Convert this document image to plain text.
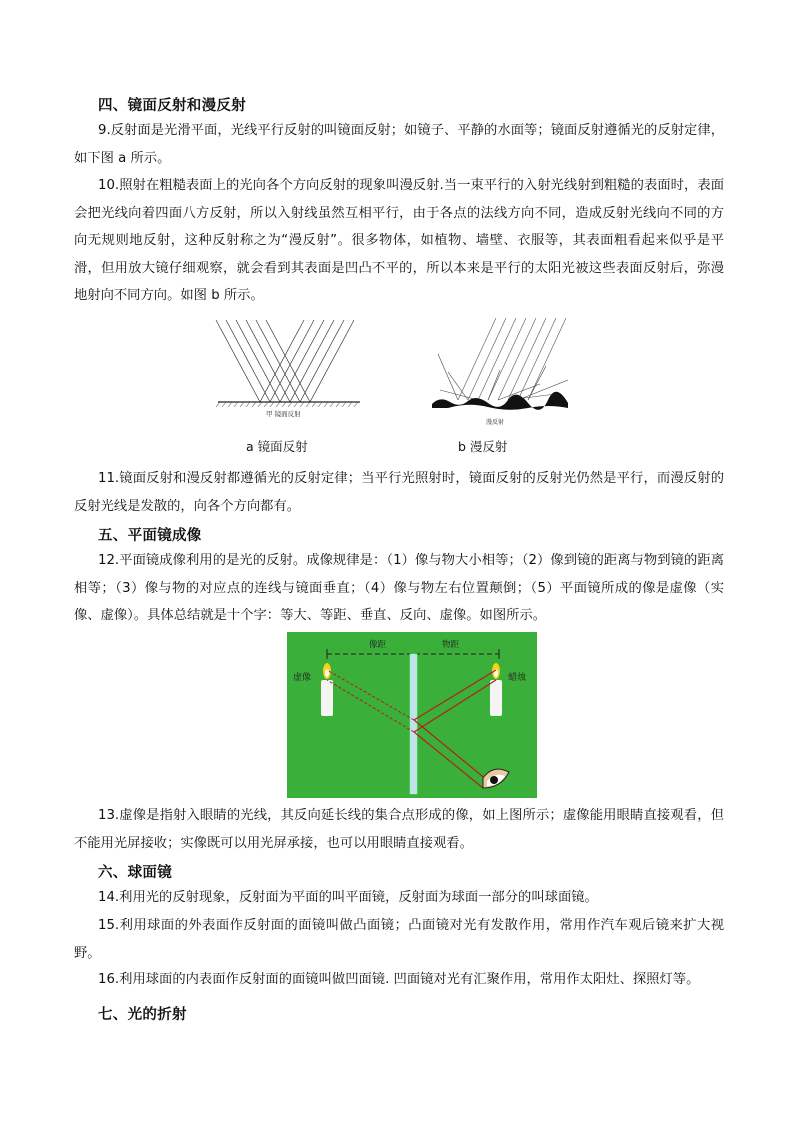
四、镜面反射和漫反射
9.反射面是光滑平面，光线平行反射的叫镜面反射；如镜子、平静的水面等；镜面反射遵循光的反射定律，如下图 a 所示。
10.照射在粗糙表面上的光向各个方向反射的现象叫漫反射.当一束平行的入射光线射到粗糙的表面时，表面会把光线向着四面八方反射，所以入射线虽然互相平行，由于各点的法线方向不同，造成反射光线向不同的方向无规则地反射，这种反射称之为“漫反射”。很多物体，如植物、墙壁、衣服等，其表面粗看起来似乎是平滑，但用放大镜仔细观察，就会看到其表面是凹凸不平的，所以本来是平行的太阳光被这些表面反射后，弥漫地射向不同方向。如图 b 所示。
甲 镜面反射
漫反射
a 镜面反射	b 漫反射
11.镜面反射和漫反射都遵循光的反射定律；当平行光照射时，镜面反射的反射光仍然是平行，而漫反射的反射光线是发散的，向各个方向都有。
五、平面镜成像
12.平面镜成像利用的是光的反射。成像规律是：（1）像与物大小相等；（2）像到镜的距离与物到镜的距离相等；（3）像与物的对应点的连线与镜面垂直；（4）像与物左右位置颠倒；（5）平面镜所成的像是虚像（实像、虚像）。具体总结就是十个字：等大、等距、垂直、反向、虚像。如图所示。
像距	物距
虚像	蜡烛
13.虚像是指射入眼睛的光线，其反向延长线的集合点形成的像，如上图所示；虚像能用眼睛直接观看，但不能用光屏接收；实像既可以用光屏承接，也可以用眼睛直接观看。
六、球面镜
14.利用光的反射现象，反射面为平面的叫平面镜，反射面为球面一部分的叫球面镜。
15.利用球面的外表面作反射面的面镜叫做凸面镜；凸面镜对光有发散作用，常用作汽车观后镜来扩大视野。
16.利用球面的内表面作反射面的面镜叫做凹面镜. 凹面镜对光有汇聚作用，常用作太阳灶、探照灯等。
七、光的折射
